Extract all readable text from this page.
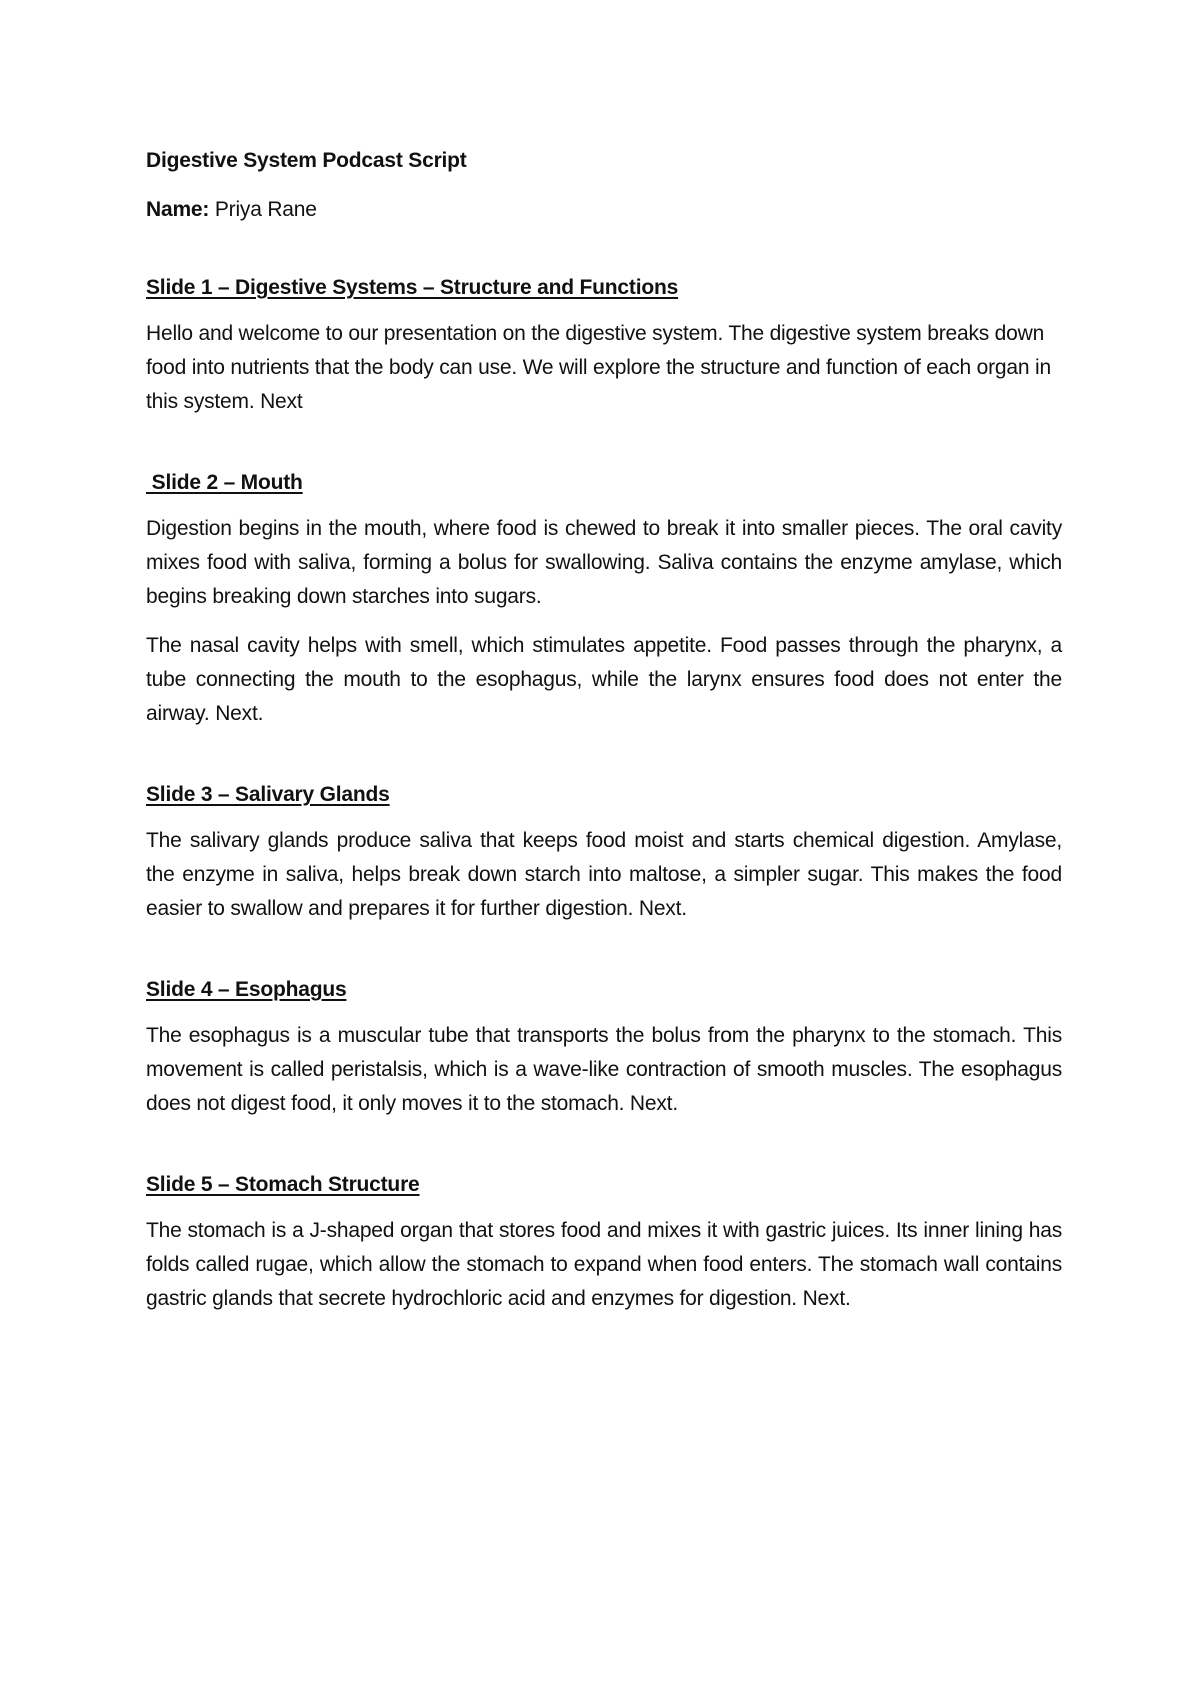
Digestive System Podcast Script

Name: Priya Rane

Slide 1 – Digestive Systems – Structure and Functions

Hello and welcome to our presentation on the digestive system. The digestive system breaks down food into nutrients that the body can use. We will explore the structure and function of each organ in this system. Next

Slide 2 – Mouth

Digestion begins in the mouth, where food is chewed to break it into smaller pieces. The oral cavity mixes food with saliva, forming a bolus for swallowing. Saliva contains the enzyme amylase, which begins breaking down starches into sugars.

The nasal cavity helps with smell, which stimulates appetite. Food passes through the pharynx, a tube connecting the mouth to the esophagus, while the larynx ensures food does not enter the airway. Next.

Slide 3 – Salivary Glands

The salivary glands produce saliva that keeps food moist and starts chemical digestion. Amylase, the enzyme in saliva, helps break down starch into maltose, a simpler sugar. This makes the food easier to swallow and prepares it for further digestion. Next.

Slide 4 – Esophagus

The esophagus is a muscular tube that transports the bolus from the pharynx to the stomach. This movement is called peristalsis, which is a wave-like contraction of smooth muscles. The esophagus does not digest food, it only moves it to the stomach. Next.

Slide 5 – Stomach Structure

The stomach is a J-shaped organ that stores food and mixes it with gastric juices. Its inner lining has folds called rugae, which allow the stomach to expand when food enters. The stomach wall contains gastric glands that secrete hydrochloric acid and enzymes for digestion. Next.
